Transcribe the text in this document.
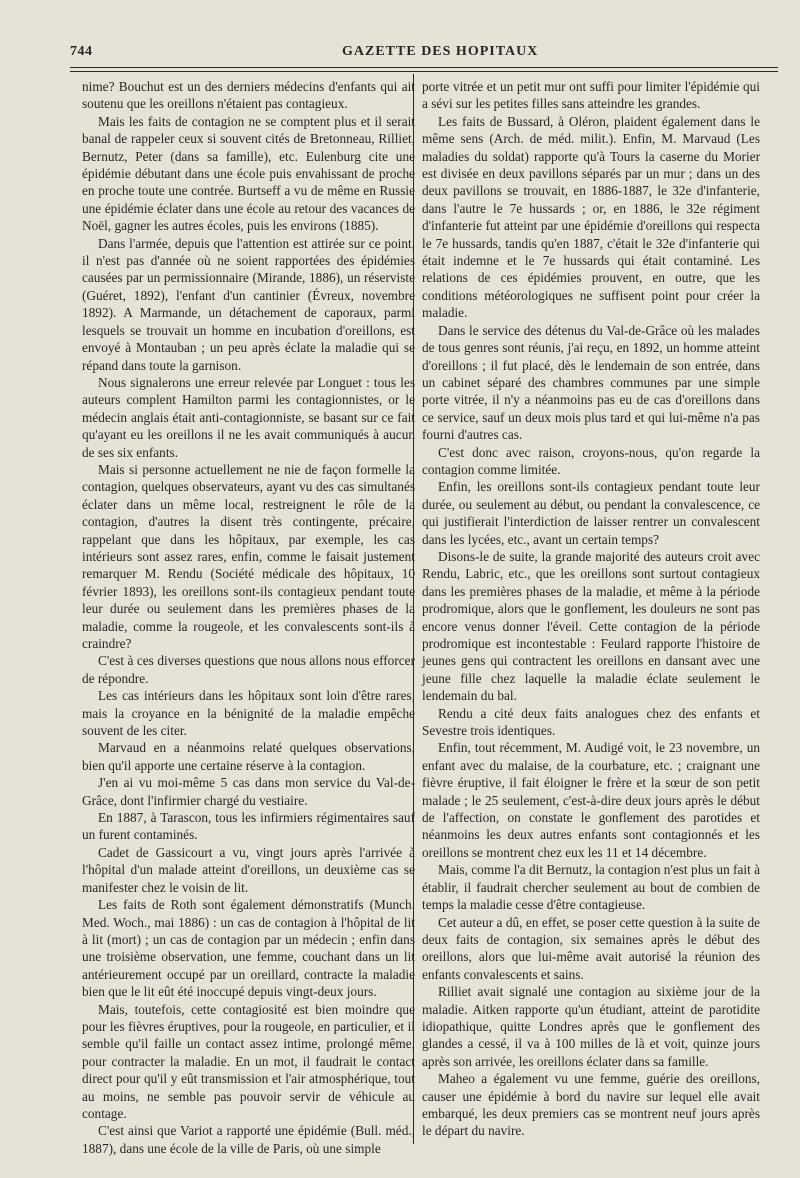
744	GAZETTE DES HOPITAUX

nime? Bouchut est un des derniers médecins d'enfants qui ait soutenu que les oreillons n'étaient pas contagieux.

Mais les faits de contagion ne se comptent plus et il serait banal de rappeler ceux si souvent cités de Bretonneau, Rilliet, Bernutz, Peter (dans sa famille), etc. Eulenburg cite une épidémie débutant dans une école puis envahissant de proche en proche toute une contrée. Burtseff a vu de même en Russie une épidémie éclater dans une école au retour des vacances de Noël, gagner les autres écoles, puis les environs (1885).

Dans l'armée, depuis que l'attention est attirée sur ce point, il n'est pas d'année où ne soient rapportées des épidémies causées par un permissionnaire (Mirande, 1886), un réserviste (Guéret, 1892), l'enfant d'un cantinier (Évreux, novembre 1892). A Marmande, un détachement de caporaux, parmi lesquels se trouvait un homme en incubation d'oreillons, est envoyé à Montauban ; un peu après éclate la maladie qui se répand dans toute la garnison.

Nous signalerons une erreur relevée par Longuet : tous les auteurs complent Hamilton parmi les contagionnistes, or le médecin anglais était anti-contagionniste, se basant sur ce fait qu'ayant eu les oreillons il ne les avait communiqués à aucun de ses six enfants.

Mais si personne actuellement ne nie de façon formelle la contagion, quelques observateurs, ayant vu des cas simultanés éclater dans un même local, restreignent le rôle de la contagion, d'autres la disent très contingente, précaire, rappelant que dans les hôpitaux, par exemple, les cas intérieurs sont assez rares, enfin, comme le faisait justement remarquer M. Rendu (Société médicale des hôpitaux, 10 février 1893), les oreillons sont-ils contagieux pendant toute leur durée ou seulement dans les premières phases de la maladie, comme la rougeole, et les convalescents sont-ils à craindre?

C'est à ces diverses questions que nous allons nous efforcer de répondre.

Les cas intérieurs dans les hôpitaux sont loin d'être rares, mais la croyance en la bénignité de la maladie empêche souvent de les citer.

Marvaud en a néanmoins relaté quelques observations, bien qu'il apporte une certaine réserve à la contagion.

J'en ai vu moi-même 5 cas dans mon service du Val-de-Grâce, dont l'infirmier chargé du vestiaire.

En 1887, à Tarascon, tous les infirmiers régimentaires sauf un furent contaminés.

Cadet de Gassicourt a vu, vingt jours après l'arrivée à l'hôpital d'un malade atteint d'oreillons, un deuxième cas se manifester chez le voisin de lit.

Les faits de Roth sont également démonstratifs (Munch. Med. Woch., mai 1886) : un cas de contagion à l'hôpital de lit à lit (mort) ; un cas de contagion par un médecin ; enfin dans une troisième observation, une femme, couchant dans un lit antérieurement occupé par un oreillard, contracte la maladie bien que le lit eût été inoccupé depuis vingt-deux jours.

Mais, toutefois, cette contagiosité est bien moindre que pour les fièvres éruptives, pour la rougeole, en particulier, et il semble qu'il faille un contact assez intime, prolongé même, pour contracter la maladie. En un mot, il faudrait le contact direct pour qu'il y eût transmission et l'air atmosphérique, tout au moins, ne semble pas pouvoir servir de véhicule au contage.

C'est ainsi que Variot a rapporté une épidémie (Bull. méd., 1887), dans une école de la ville de Paris, où une simple

porte vitrée et un petit mur ont suffi pour limiter l'épidémie qui a sévi sur les petites filles sans atteindre les grandes.

Les faits de Bussard, à Oléron, plaident également dans le même sens (Arch. de méd. milit.). Enfin, M. Marvaud (Les maladies du soldat) rapporte qu'à Tours la caserne du Morier est divisée en deux pavillons séparés par un mur ; dans un des deux pavillons se trouvait, en 1886-1887, le 32e d'infanterie, dans l'autre le 7e hussards ; or, en 1886, le 32e régiment d'infanterie fut atteint par une épidémie d'oreillons qui respecta le 7e hussards, tandis qu'en 1887, c'était le 32e d'infanterie qui était indemne et le 7e hussards qui était contaminé. Les relations de ces épidémies prouvent, en outre, que les conditions météorologiques ne suffisent point pour créer la maladie.

Dans le service des détenus du Val-de-Grâce où les malades de tous genres sont réunis, j'ai reçu, en 1892, un homme atteint d'oreillons ; il fut placé, dès le lendemain de son entrée, dans un cabinet séparé des chambres communes par une simple porte vitrée, il n'y a néanmoins pas eu de cas d'oreillons dans ce service, sauf un deux mois plus tard et qui lui-même n'a pas fourni d'autres cas.

C'est donc avec raison, croyons-nous, qu'on regarde la contagion comme limitée.

Enfin, les oreillons sont-ils contagieux pendant toute leur durée, ou seulement au début, ou pendant la convalescence, ce qui justifierait l'interdiction de laisser rentrer un convalescent dans les lycées, etc., avant un certain temps?

Disons-le de suite, la grande majorité des auteurs croit avec Rendu, Labric, etc., que les oreillons sont surtout contagieux dans les premières phases de la maladie, et même à la période prodromique, alors que le gonflement, les douleurs ne sont pas encore venus donner l'éveil. Cette contagion de la période prodromique est incontestable : Feulard rapporte l'histoire de jeunes gens qui contractent les oreillons en dansant avec une jeune fille chez laquelle la maladie éclate seulement le lendemain du bal.

Rendu a cité deux faits analogues chez des enfants et Sevestre trois identiques.

Enfin, tout récemment, M. Audigé voit, le 23 novembre, un enfant avec du malaise, de la courbature, etc. ; craignant une fièvre éruptive, il fait éloigner le frère et la sœur de son petit malade ; le 25 seulement, c'est-à-dire deux jours après le début de l'affection, on constate le gonflement des parotides et néanmoins les deux autres enfants sont contagionnés et les oreillons se montrent chez eux les 11 et 14 décembre.

Mais, comme l'a dit Bernutz, la contagion n'est plus un fait à établir, il faudrait chercher seulement au bout de combien de temps la maladie cesse d'être contagieuse.

Cet auteur a dû, en effet, se poser cette question à la suite de deux faits de contagion, six semaines après le début des oreillons, alors que lui-même avait autorisé la réunion des enfants convalescents et sains.

Rilliet avait signalé une contagion au sixième jour de la maladie. Aitken rapporte qu'un étudiant, atteint de parotidite idiopathique, quitte Londres après que le gonflement des glandes a cessé, il va à 100 milles de là et voit, quinze jours après son arrivée, les oreillons éclater dans sa famille.

Maheo a également vu une femme, guérie des oreillons, causer une épidémie à bord du navire sur lequel elle avait embarqué, les deux premiers cas se montrent neuf jours après le départ du navire.
